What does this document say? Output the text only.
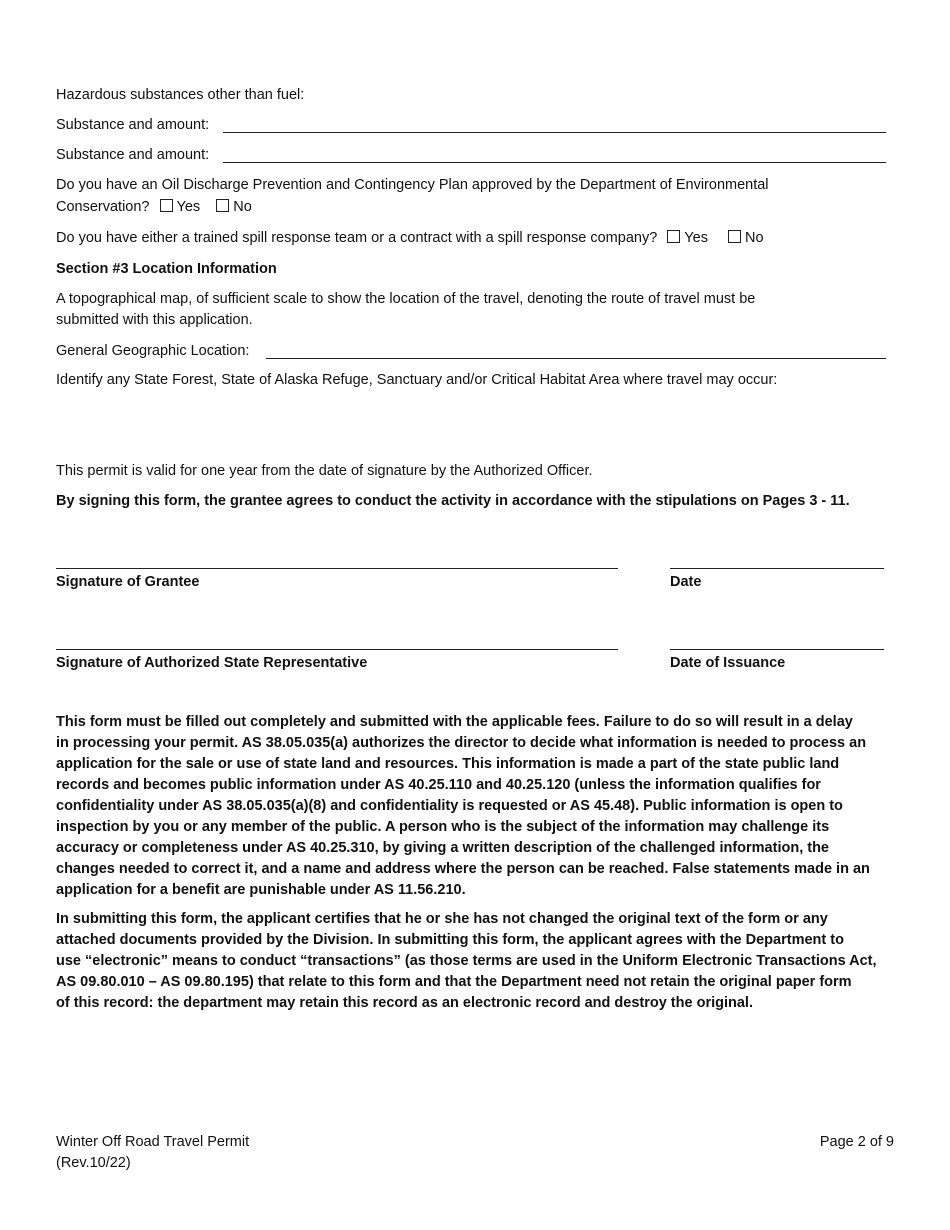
Hazardous substances other than fuel:
Substance and amount:
Substance and amount:
Do you have an Oil Discharge Prevention and Contingency Plan approved by the Department of Environmental
Conservation? Yes No
Do you have either a trained spill response team or a contract with a spill response company? Yes	No
Section #3 Location Information
A topographical map, of sufficient scale to show the location of the travel, denoting the route of travel must be
submitted with this application.
General Geographic Location:
Identify any State Forest, State of Alaska Refuge, Sanctuary and/or Critical Habitat Area where travel may occur:
This permit is valid for one year from the date of signature by the Authorized Officer.
By signing this form, the grantee agrees to conduct the activity in accordance with the stipulations on Pages 3 - 11.
Signature of Grantee	Date
Signature of Authorized State Representative	Date of Issuance
This form must be filled out completely and submitted with the applicable fees. Failure to do so will result in a delay
in processing your permit. AS 38.05.035(a) authorizes the director to decide what information is needed to process an
application for the sale or use of state land and resources. This information is made a part of the state public land
records and becomes public information under AS 40.25.110 and 40.25.120 (unless the information qualifies for
confidentiality under AS 38.05.035(a)(8) and confidentiality is requested or AS 45.48). Public information is open to
inspection by you or any member of the public. A person who is the subject of the information may challenge its
accuracy or completeness under AS 40.25.310, by giving a written description of the challenged information, the
changes needed to correct it, and a name and address where the person can be reached. False statements made in an
application for a benefit are punishable under AS 11.56.210.
In submitting this form, the applicant certifies that he or she has not changed the original text of the form or any
attached documents provided by the Division. In submitting this form, the applicant agrees with the Department to
use “electronic” means to conduct “transactions” (as those terms are used in the Uniform Electronic Transactions Act,
AS 09.80.010 – AS 09.80.195) that relate to this form and that the Department need not retain the original paper form
of this record: the department may retain this record as an electronic record and destroy the original.
Winter Off Road Travel Permit
(Rev.10/22)
Page 2 of 9
